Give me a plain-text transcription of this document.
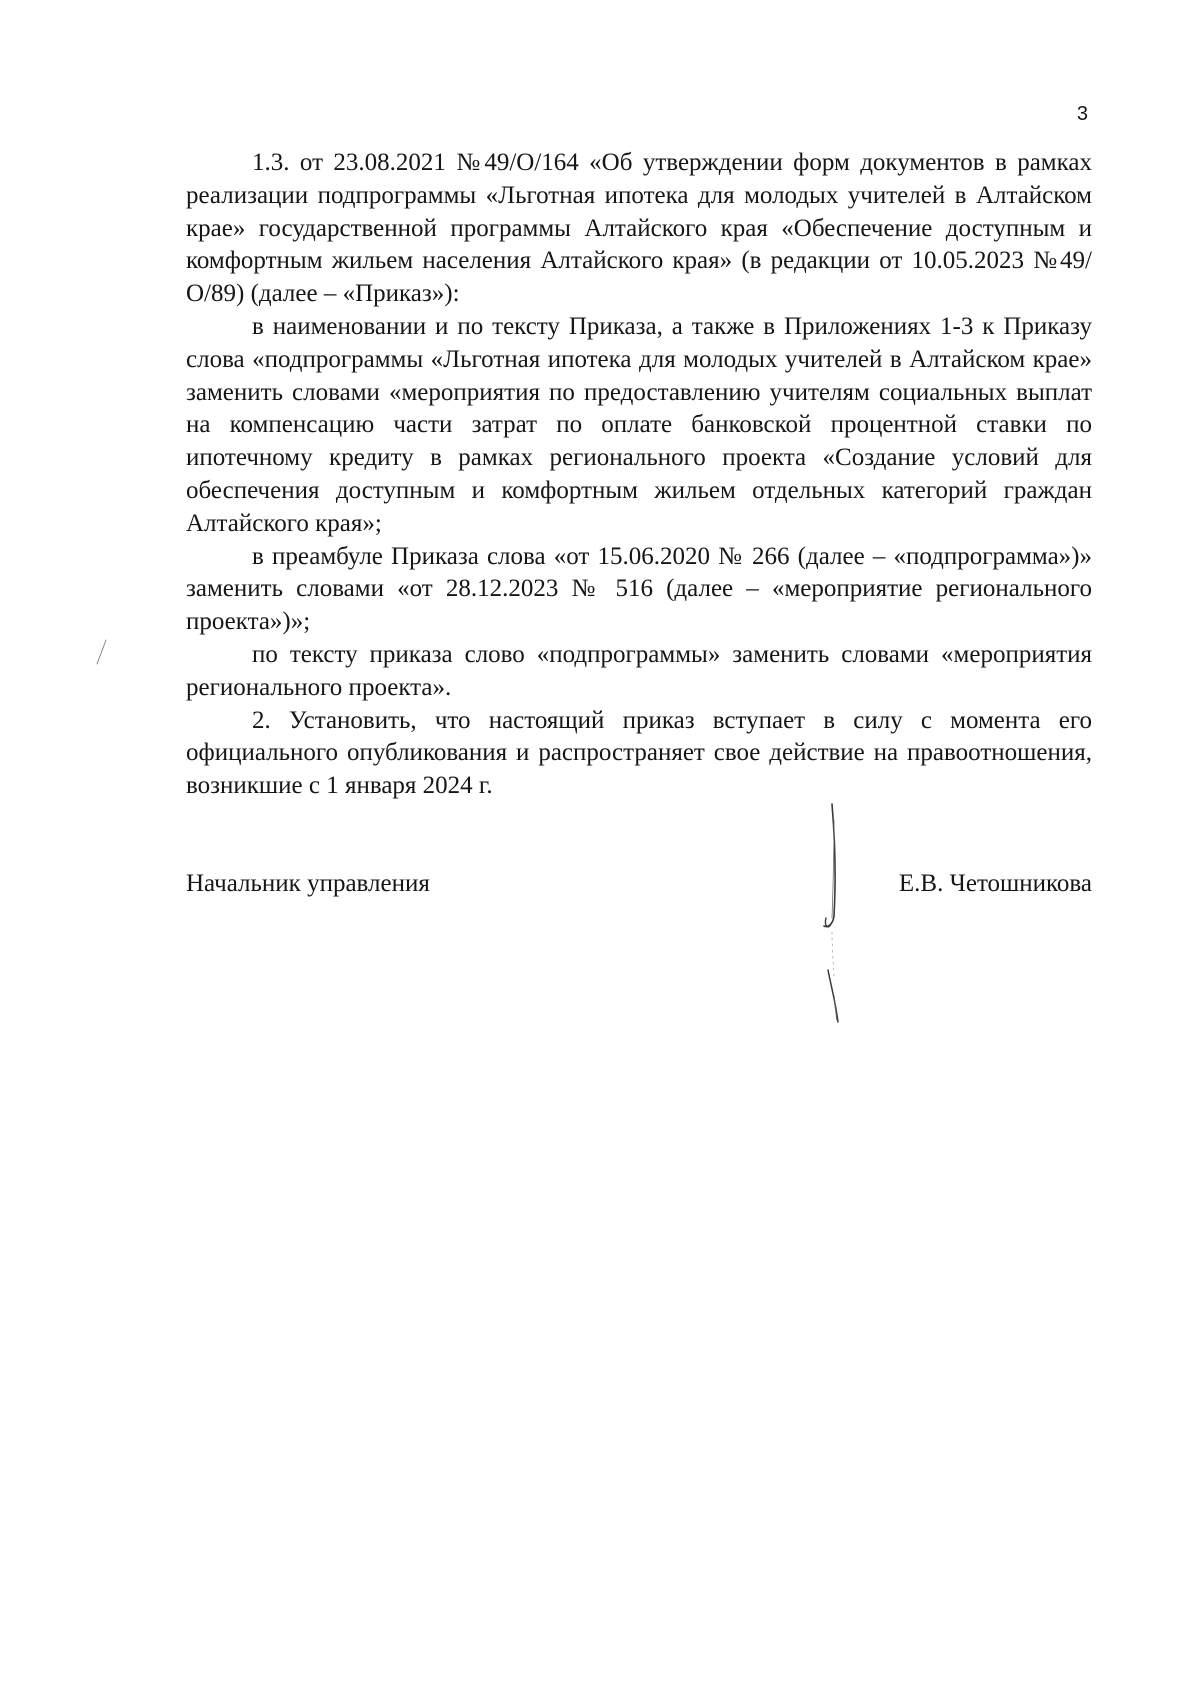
3

1.3. от 23.08.2021 №49/О/164 «Об утверждении форм документов в рамках реализации подпрограммы «Льготная ипотека для молодых учителей в Алтайском крае» государственной программы Алтайского края «Обеспечение доступным и комфортным жильем населения Алтайского края» (в редакции от 10.05.2023 №49/О/89) (далее – «Приказ»):

в наименовании и по тексту Приказа, а также в Приложениях 1-3 к Приказу слова «подпрограммы «Льготная ипотека для молодых учителей в Алтайском крае» заменить словами «мероприятия по предоставлению учителям социальных выплат на компенсацию части затрат по оплате банковской процентной ставки по ипотечному кредиту в рамках регионального проекта «Создание условий для обеспечения доступным и комфортным жильем отдельных категорий граждан Алтайского края»;

в преамбуле Приказа слова «от 15.06.2020 № 266 (далее – «подпрограмма»)» заменить словами «от 28.12.2023 № 516 (далее – «мероприятие регионального проекта»)»;

по тексту приказа слово «подпрограммы» заменить словами «мероприятия регионального проекта».

2. Установить, что настоящий приказ вступает в силу с момента его официального опубликования и распространяет свое действие на правоотношения, возникшие с 1 января 2024 г.

Начальник управления	Е.В. Четошникова
